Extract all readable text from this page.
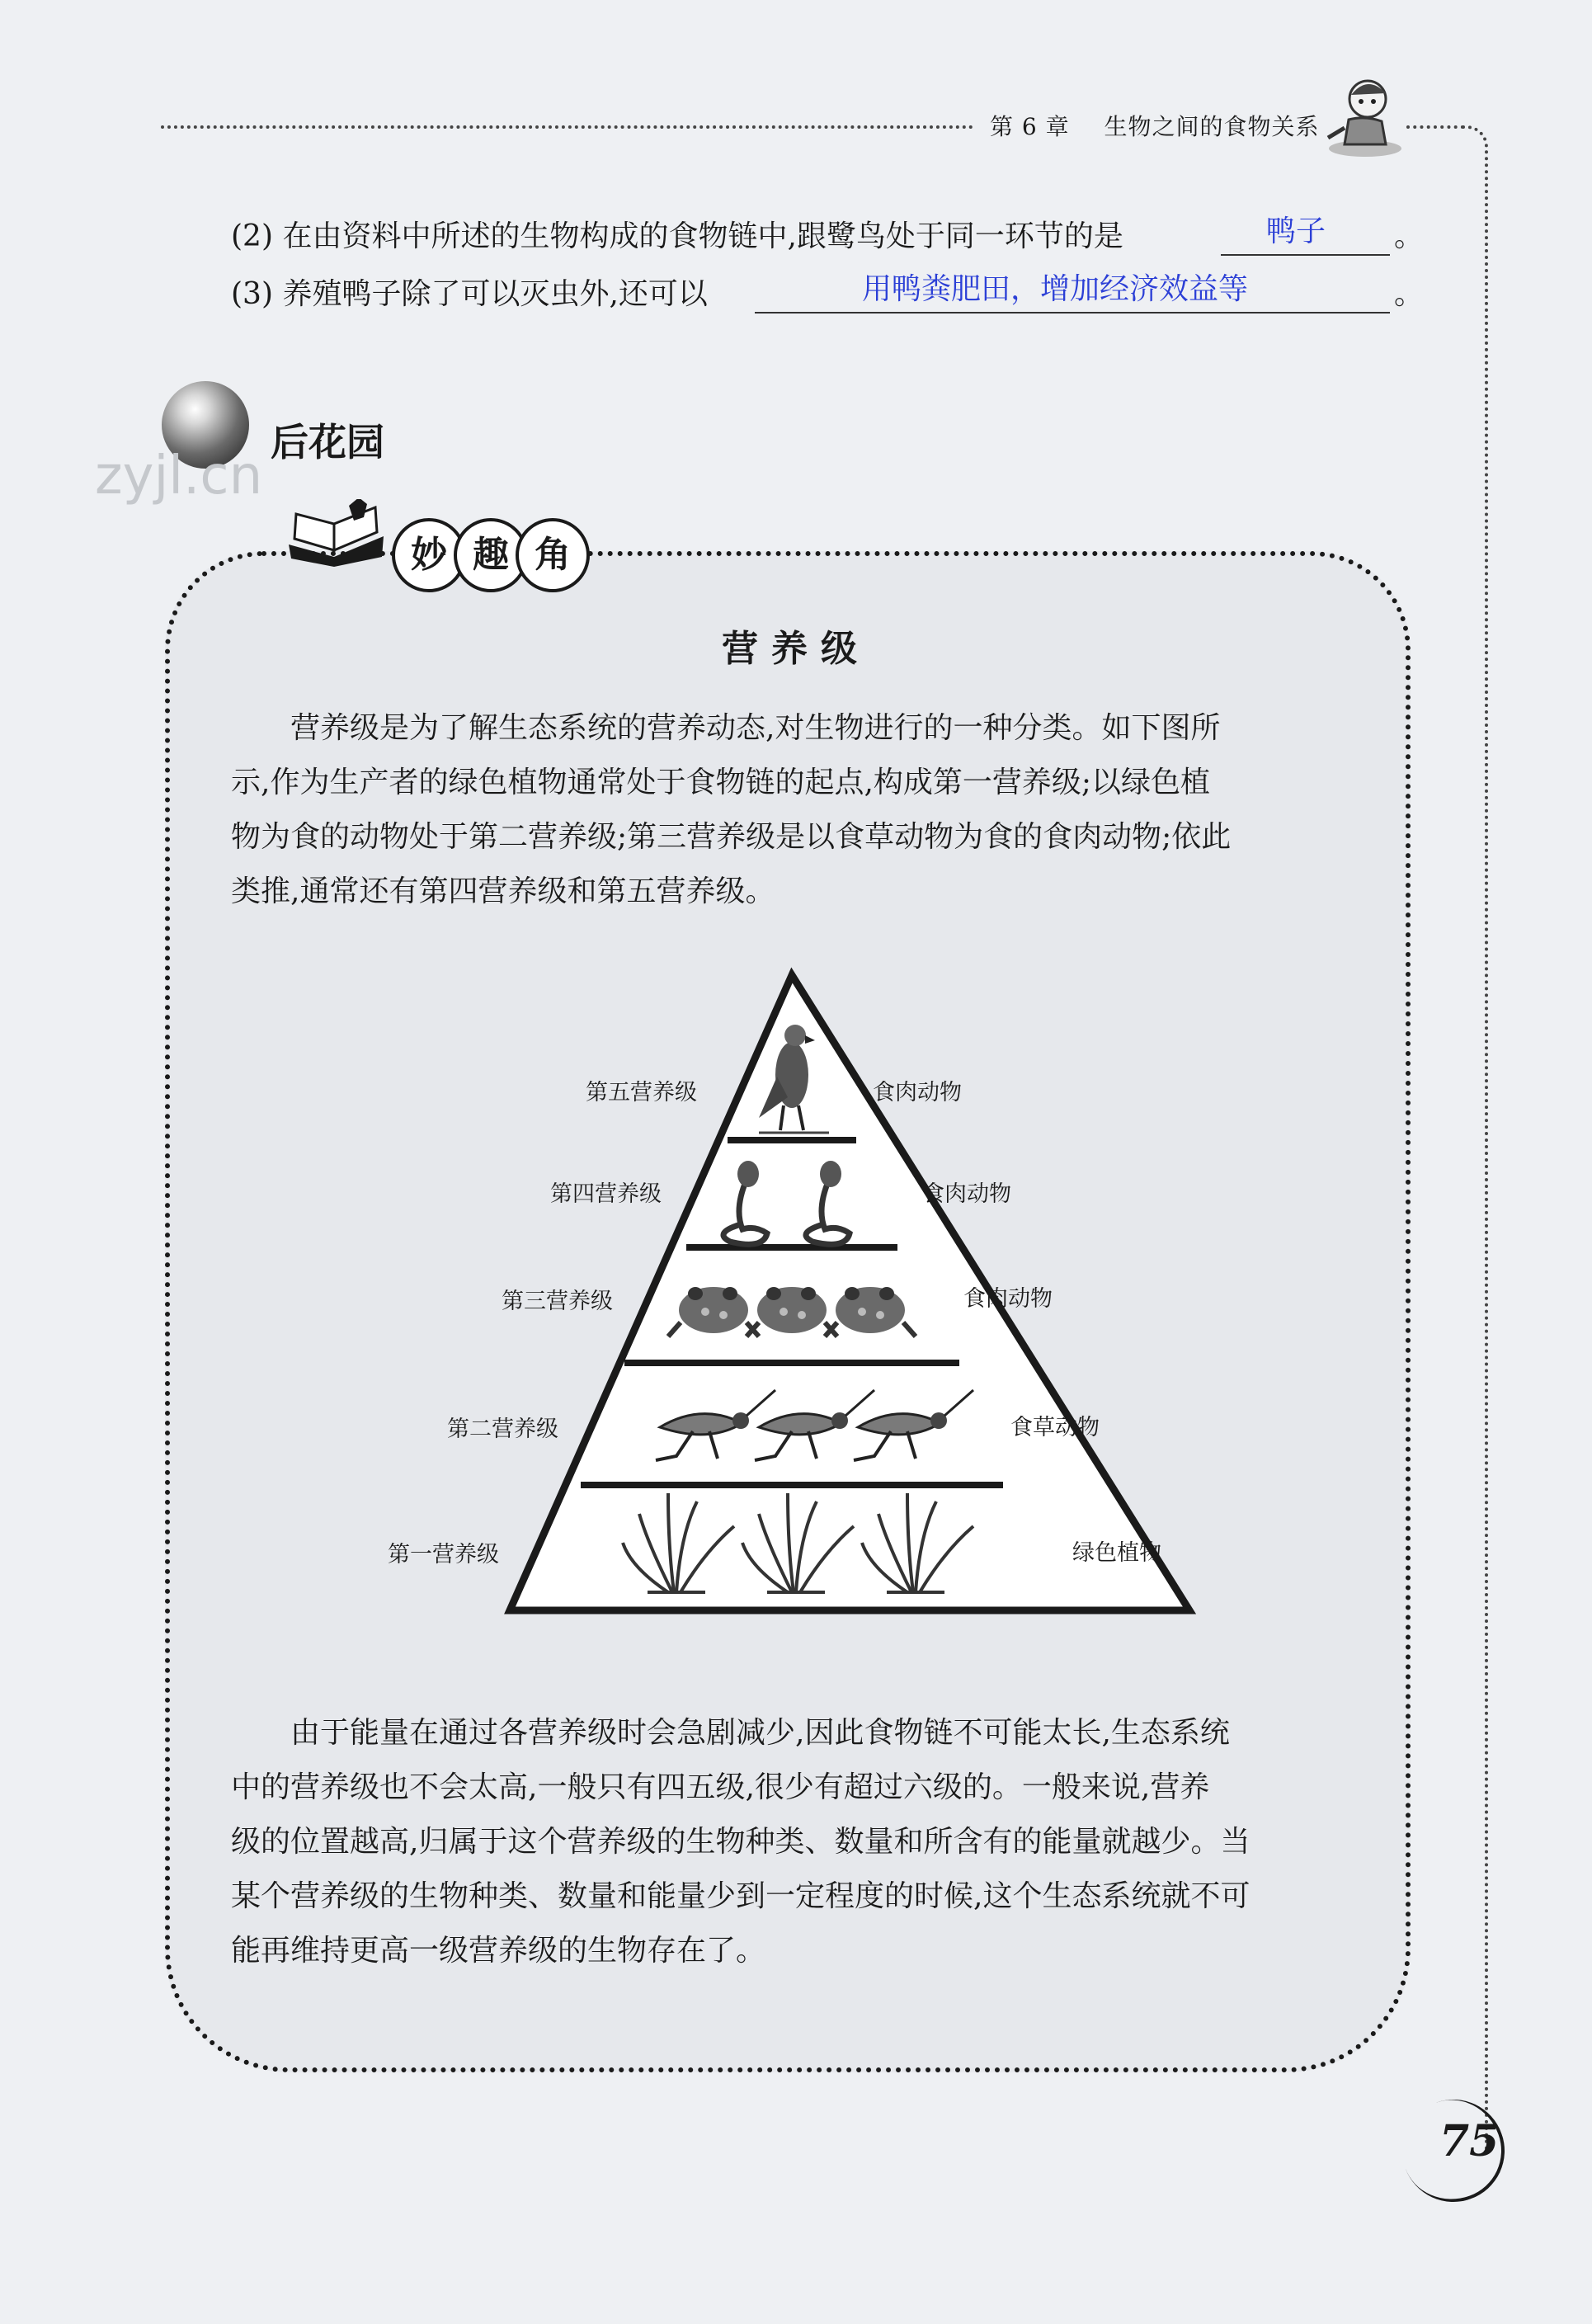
第 6 章 生物之间的食物关系
(2) 在由资料中所述的生物构成的食物链中,跟鹭鸟处于同一环节的是	鸭子 。
(3) 养殖鸭子除了可以灭虫外,还可以	用鸭粪肥田，增加经济效益等	。
后花园
zyjl.cn
妙 趣 角
营养级

营养级是为了解生态系统的营养动态,对生物进行的一种分类。如下图所

示,作为生产者的绿色植物通常处于食物链的起点,构成第一营养级;以绿色植

物为食的动物处于第二营养级;第三营养级是以食草动物为食的食肉动物;依此

类推,通常还有第四营养级和第五营养级。

第五营养级	食肉动物
第四营养级	食肉动物
第三营养级	食肉动物
第二营养级	食草动物
第一营养级	绿色植物

由于能量在通过各营养级时会急剧减少,因此食物链不可能太长,生态系统

中的营养级也不会太高,一般只有四五级,很少有超过六级的。一般来说,营养

级的位置越高,归属于这个营养级的生物种类、数量和所含有的能量就越少。当

某个营养级的生物种类、数量和能量少到一定程度的时候,这个生态系统就不可

能再维持更高一级营养级的生物存在了。

75
